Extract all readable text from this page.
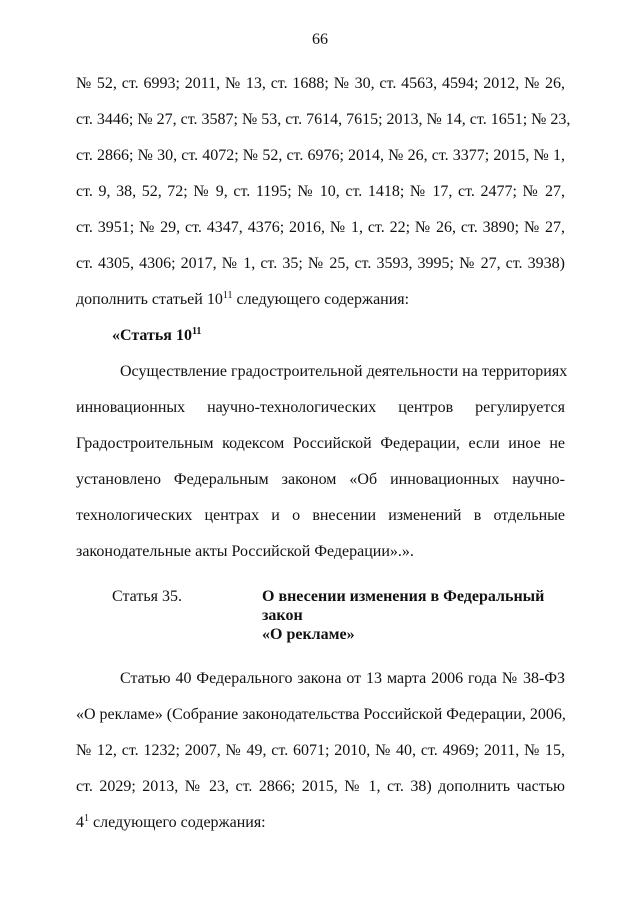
66
№ 52, ст. 6993; 2011, № 13, ст. 1688; № 30, ст. 4563, 4594; 2012, № 26,
ст. 3446; № 27, ст. 3587; № 53, ст. 7614, 7615; 2013, № 14, ст. 1651; № 23,
ст. 2866; № 30, ст. 4072; № 52, ст. 6976; 2014, № 26, ст. 3377; 2015, № 1,
ст. 9, 38, 52, 72; № 9, ст. 1195; № 10, ст. 1418; № 17, ст. 2477; № 27,
ст. 3951; № 29, ст. 4347, 4376; 2016, № 1, ст. 22; № 26, ст. 3890; № 27,
ст. 4305, 4306; 2017, № 1, ст. 35; № 25, ст. 3593, 3995; № 27, ст. 3938)
дополнить статьей $10^{11}$ следующего содержания:
«Статья $10^{11}$
Осуществление градостроительной деятельности на территориях
инновационных научно-технологических центров регулируется
Градостроительным кодексом Российской Федерации, если иное не
установлено Федеральным законом «Об инновационных научно-
технологических центрах и о внесении изменений в отдельные
законодательные акты Российской Федерации».».
Статья 35.	О внесении изменения в Федеральный закон
«О рекламе»
Статью 40 Федерального закона от 13 марта 2006 года № 38-ФЗ
«О рекламе» (Собрание законодательства Российской Федерации, 2006,
№ 12, ст. 1232; 2007, № 49, ст. 6071; 2010, № 40, ст. 4969; 2011, № 15,
ст. 2029; 2013, № 23, ст. 2866; 2015, № 1, ст. 38) дополнить частью
$4^1$ следующего содержания:
